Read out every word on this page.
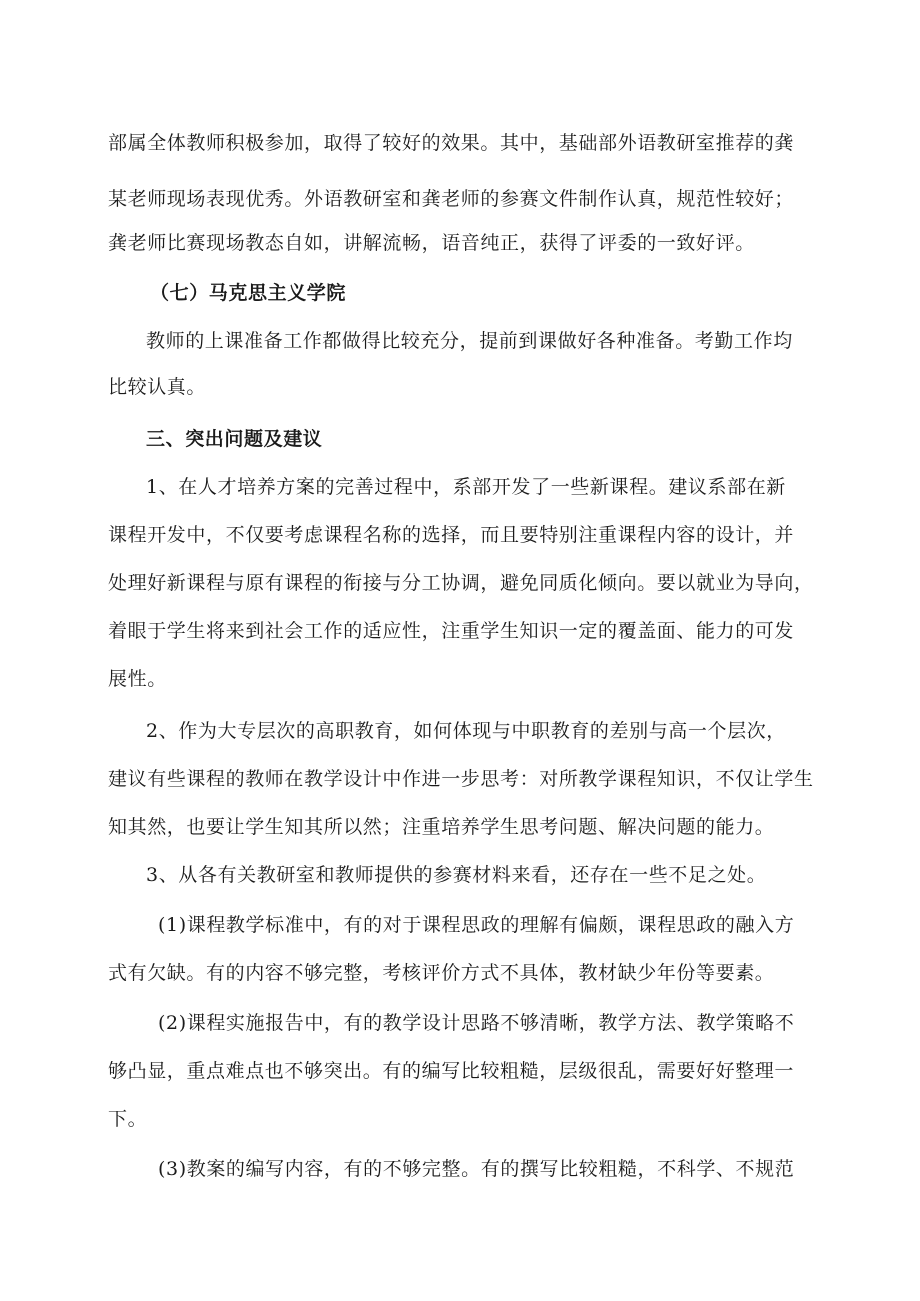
部属全体教师积极参加，取得了较好的效果。其中，基础部外语教研室推荐的龚
某老师现场表现优秀。外语教研室和龚老师的参赛文件制作认真，规范性较好；
龚老师比赛现场教态自如，讲解流畅，语音纯正，获得了评委的一致好评。
（七）马克思主义学院
教师的上课准备工作都做得比较充分，提前到课做好各种准备。考勤工作均
比较认真。
三、突出问题及建议
1、在人才培养方案的完善过程中，系部开发了一些新课程。建议系部在新
课程开发中，不仅要考虑课程名称的选择，而且要特别注重课程内容的设计，并
处理好新课程与原有课程的衔接与分工协调，避免同质化倾向。要以就业为导向，
着眼于学生将来到社会工作的适应性，注重学生知识一定的覆盖面、能力的可发
展性。
2、作为大专层次的高职教育，如何体现与中职教育的差别与高一个层次，
建议有些课程的教师在教学设计中作进一步思考：对所教学课程知识，不仅让学生
知其然，也要让学生知其所以然；注重培养学生思考问题、解决问题的能力。
3、从各有关教研室和教师提供的参赛材料来看，还存在一些不足之处。
(1)课程教学标准中，有的对于课程思政的理解有偏颇，课程思政的融入方
式有欠缺。有的内容不够完整，考核评价方式不具体，教材缺少年份等要素。
(2)课程实施报告中，有的教学设计思路不够清晰，教学方法、教学策略不
够凸显，重点难点也不够突出。有的编写比较粗糙，层级很乱，需要好好整理一
下。
(3)教案的编写内容，有的不够完整。有的撰写比较粗糙，不科学、不规范
